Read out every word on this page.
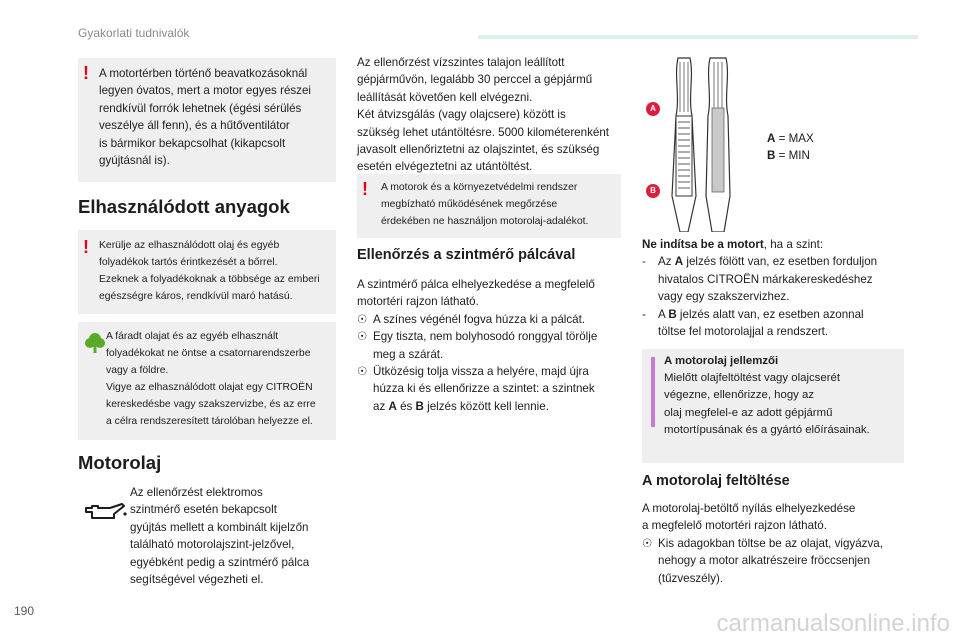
Gyakorlati tudnivalók
190
! A motortérben történő beavatkozásoknál

legyen óvatos, mert a motor egyes részei

rendkívül forrók lehetnek (égési sérülés

veszélye áll fenn), és a hűtőventilátor

is bármikor bekapcsolhat (kikapcsolt

gyújtásnál is).

Elhasználódott anyagok
! Kerülje az elhasználódott olaj és egyéb

folyadékok tartós érintkezését a bőrrel.

Ezeknek a folyadékoknak a többsége az emberi

egészségre káros, rendkívül maró hatású.

A fáradt olajat és az egyéb elhasznált

folyadékokat ne öntse a csatornarendszerbe

vagy a földre.

Vigye az elhasználódott olajat egy CITROËN

kereskedésbe vagy szakszervizbe, és az erre

a célra rendszeresített tárolóban helyezze el.

Motorolaj

Az ellenőrzést elektromos

szintmérő esetén bekapcsolt

gyújtás mellett a kombinált kijelzőn

található motorolajszint-jelzővel,

egyébként pedig a szintmérő pálca

segítségével végezheti el.

Az ellenőrzést vízszintes talajon leállított

gépjárművön, legalább 30 perccel a gépjármű

leállítását követően kell elvégezni.

Két átvizsgálás (vagy olajcsere) között is

szükség lehet utántöltésre. 5000 kilométerenként

javasolt ellenőriztetni az olajszintet, és szükség

esetén elvégeztetni az utántöltést.

! A motorok és a környezetvédelmi rendszer

megbízható működésének megőrzése

érdekében ne használjon motorolaj-adalékot.

Ellenőrzés a szintmérő pálcával

A szintmérő pálca elhelyezkedése a megfelelő

motortéri rajzon látható.

☉ A színes végénél fogva húzza ki a pálcát.
☉ Egy tiszta, nem bolyhosodó ronggyal törölje
meg a szárát.
☉ Ütközésig tolja vissza a helyére, majd újra
húzza ki és ellenőrizze a szintet: a szintnek
az A és B jelzés között kell lennie.
A
B
A = MAX
B = MIN

Ne indítsa be a motort, ha a szint:

-	Az A jelzés fölött van, ez esetben forduljon
hivatalos CITROËN márkakereskedéshez
vagy egy szakszervizhez.
-	A B jelzés alatt van, ez esetben azonnal
töltse fel motorolajjal a rendszert.

A motorolaj jellemzői

Mielőtt olajfeltöltést vagy olajcserét

végezne, ellenőrizze, hogy az

olaj megfelel-e az adott gépjármű

motortípusának és a gyártó előírásainak.

A motorolaj feltöltése

A motorolaj-betöltő nyílás elhelyezkedése

a megfelelő motortéri rajzon látható.

☉ Kis adagokban töltse be az olajat, vigyázva,
nehogy a motor alkatrészeire fröccsenjen
(tűzveszély).
carmanualsonline.info
